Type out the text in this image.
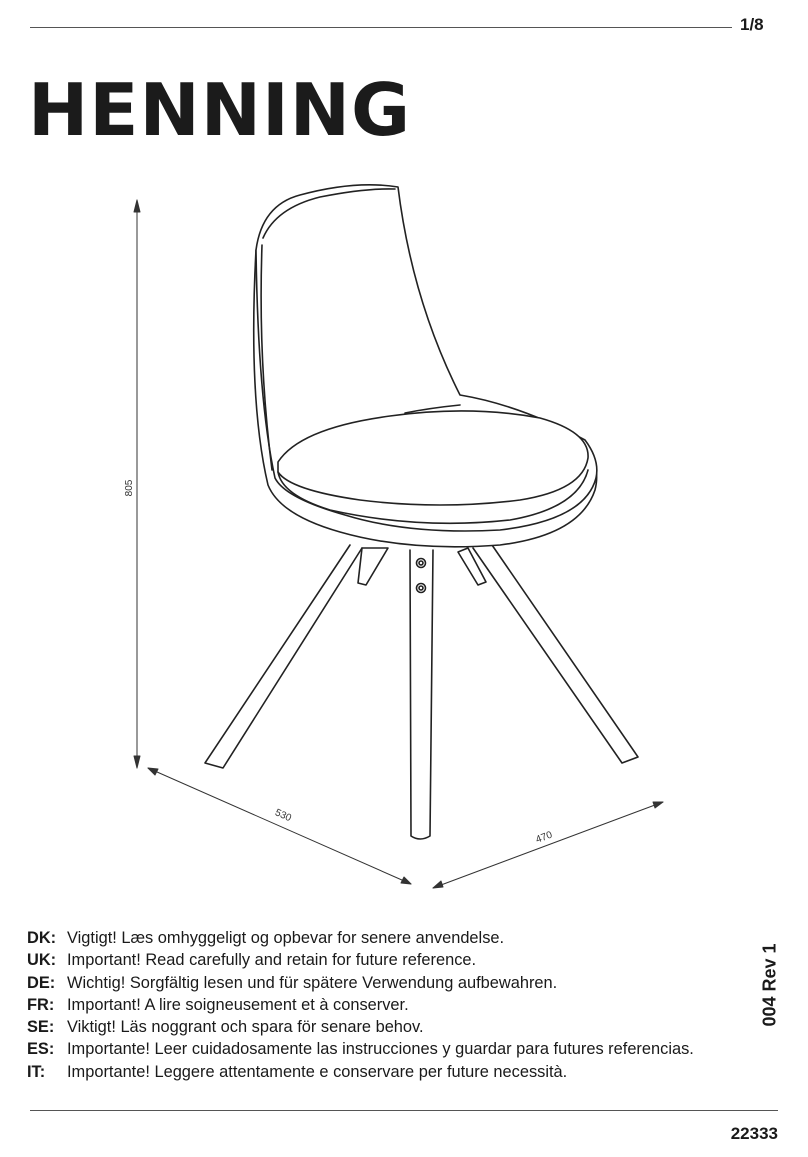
1/8
HENNING
805
530
470
DK: Vigtigt! Læs omhyggeligt og opbevar for senere anvendelse.
UK: Important! Read carefully and retain for future reference.
DE: Wichtig! Sorgfältig lesen und für spätere Verwendung aufbewahren.
FR: Important! A lire soigneusement et à conserver.
SE: Viktigt! Läs noggrant och spara för senare behov.
ES: Importante! Leer cuidadosamente las instrucciones y guardar para futures referencias.
IT:	Importante! Leggere attentamente e conservare per future necessità.
004 Rev 1
22333
